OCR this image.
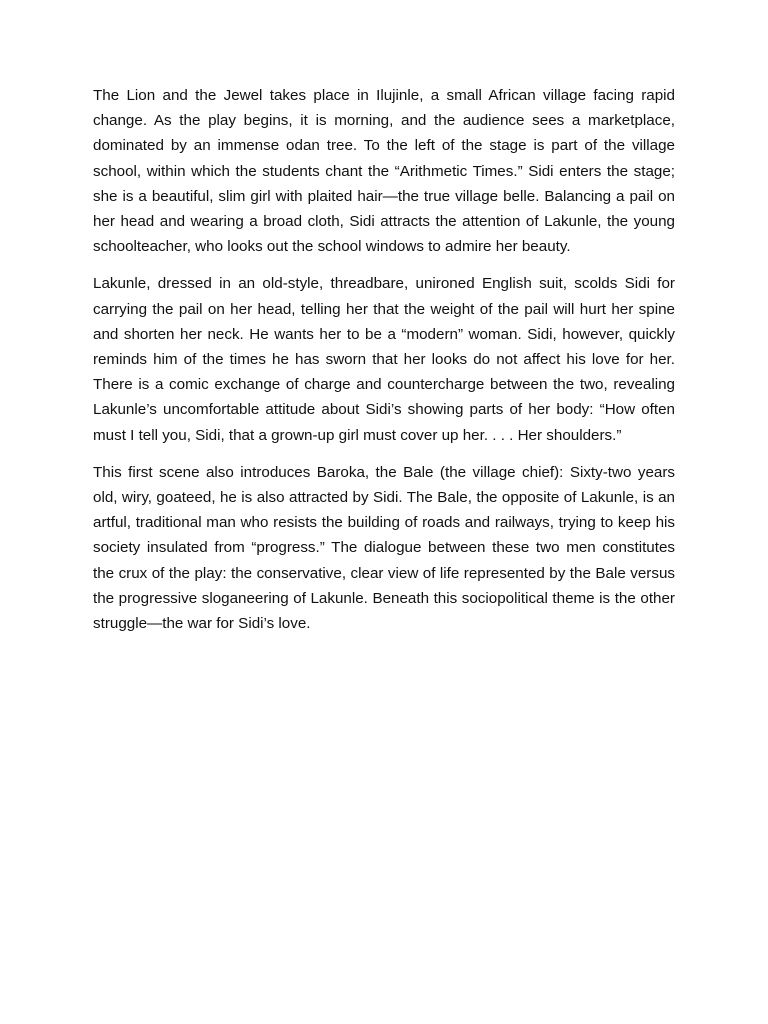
The Lion and the Jewel takes place in Ilujinle, a small African village facing rapid change. As the play begins, it is morning, and the audience sees a marketplace, dominated by an immense odan tree. To the left of the stage is part of the village school, within which the students chant the “Arithmetic Times.” Sidi enters the stage; she is a beautiful, slim girl with plaited hair—the true village belle. Balancing a pail on her head and wearing a broad cloth, Sidi attracts the attention of Lakunle, the young schoolteacher, who looks out the school windows to admire her beauty.

Lakunle, dressed in an old-style, threadbare, unironed English suit, scolds Sidi for carrying the pail on her head, telling her that the weight of the pail will hurt her spine and shorten her neck. He wants her to be a “modern” woman. Sidi, however, quickly reminds him of the times he has sworn that her looks do not affect his love for her. There is a comic exchange of charge and countercharge between the two, revealing Lakunle’s uncomfortable attitude about Sidi’s showing parts of her body: “How often must I tell you, Sidi, that a grown-up girl must cover up her. . . . Her shoulders.”

This first scene also introduces Baroka, the Bale (the village chief): Sixty-two years old, wiry, goateed, he is also attracted by Sidi. The Bale, the opposite of Lakunle, is an artful, traditional man who resists the building of roads and railways, trying to keep his society insulated from “progress.” The dialogue between these two men constitutes the crux of the play: the conservative, clear view of life represented by the Bale versus the progressive sloganeering of Lakunle. Beneath this sociopolitical theme is the other struggle—the war for Sidi’s love.
